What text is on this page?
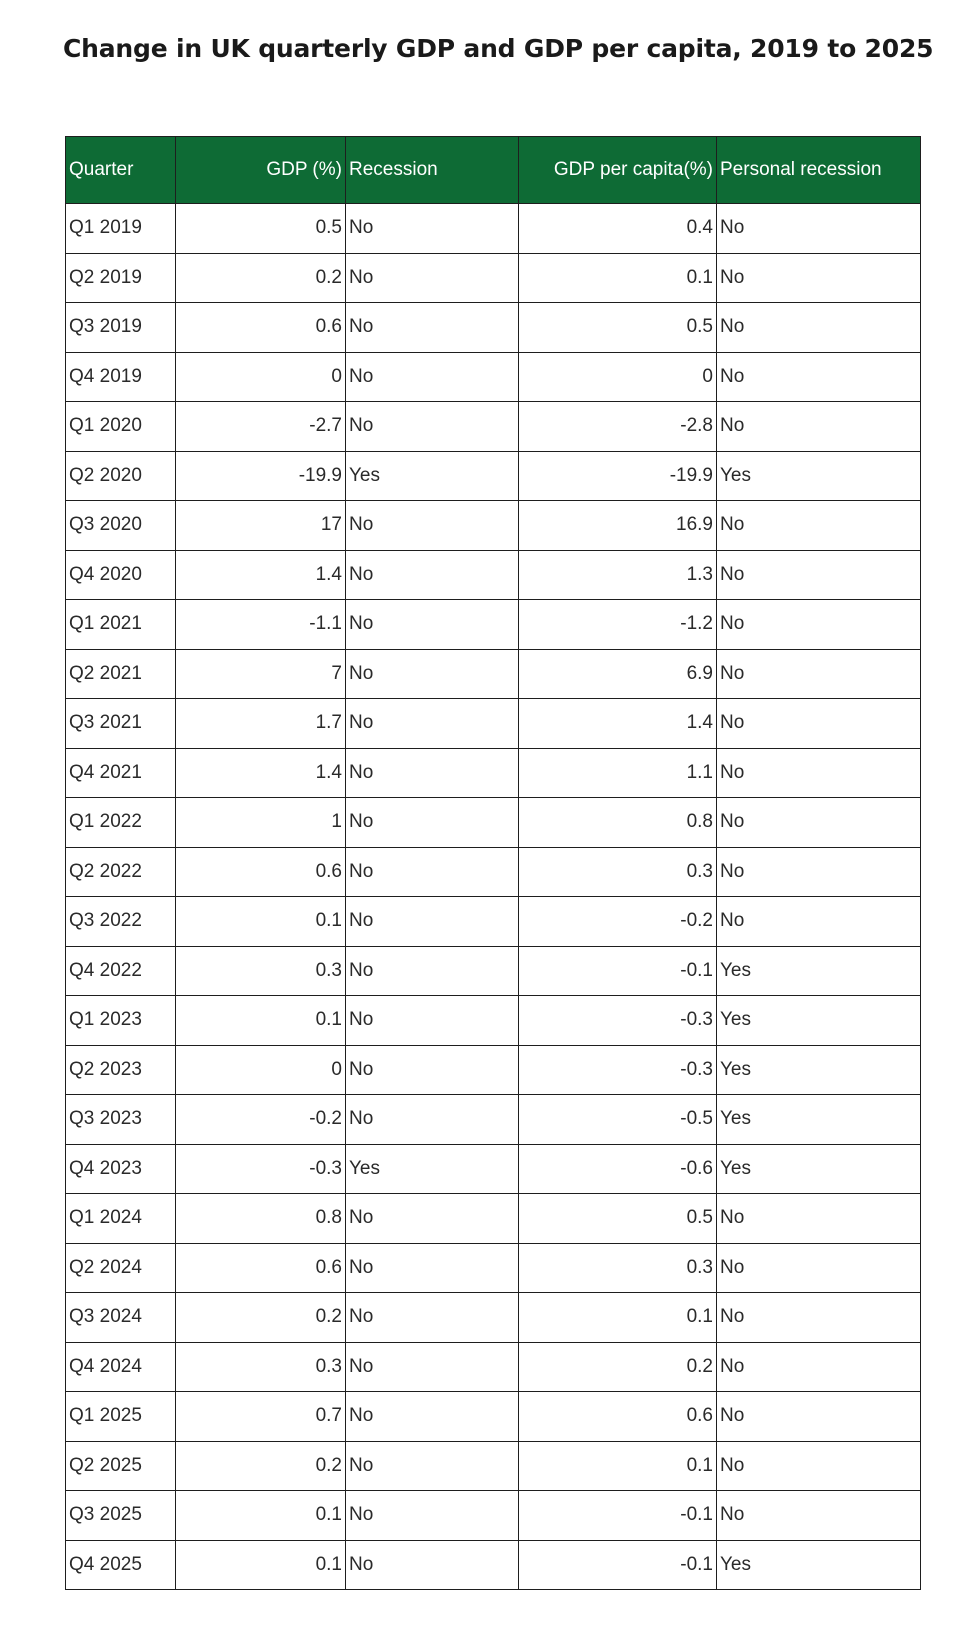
Change in UK quarterly GDP and GDP per capita, 2019 to 2025
Quarter	GDP (%)	Recession	GDP per capita(%)	Personal recession
Q1 2019	0.5	No	0.4	No
Q2 2019	0.2	No	0.1	No
Q3 2019	0.6	No	0.5	No
Q4 2019	0	No	0	No
Q1 2020	-2.7	No	-2.8	No
Q2 2020	-19.9	Yes	-19.9	Yes
Q3 2020	17	No	16.9	No
Q4 2020	1.4	No	1.3	No
Q1 2021	-1.1	No	-1.2	No
Q2 2021	7	No	6.9	No
Q3 2021	1.7	No	1.4	No
Q4 2021	1.4	No	1.1	No
Q1 2022	1	No	0.8	No
Q2 2022	0.6	No	0.3	No
Q3 2022	0.1	No	-0.2	No
Q4 2022	0.3	No	-0.1	Yes
Q1 2023	0.1	No	-0.3	Yes
Q2 2023	0	No	-0.3	Yes
Q3 2023	-0.2	No	-0.5	Yes
Q4 2023	-0.3	Yes	-0.6	Yes
Q1 2024	0.8	No	0.5	No
Q2 2024	0.6	No	0.3	No
Q3 2024	0.2	No	0.1	No
Q4 2024	0.3	No	0.2	No
Q1 2025	0.7	No	0.6	No
Q2 2025	0.2	No	0.1	No
Q3 2025	0.1	No	-0.1	No
Q4 2025	0.1	No	-0.1	Yes
